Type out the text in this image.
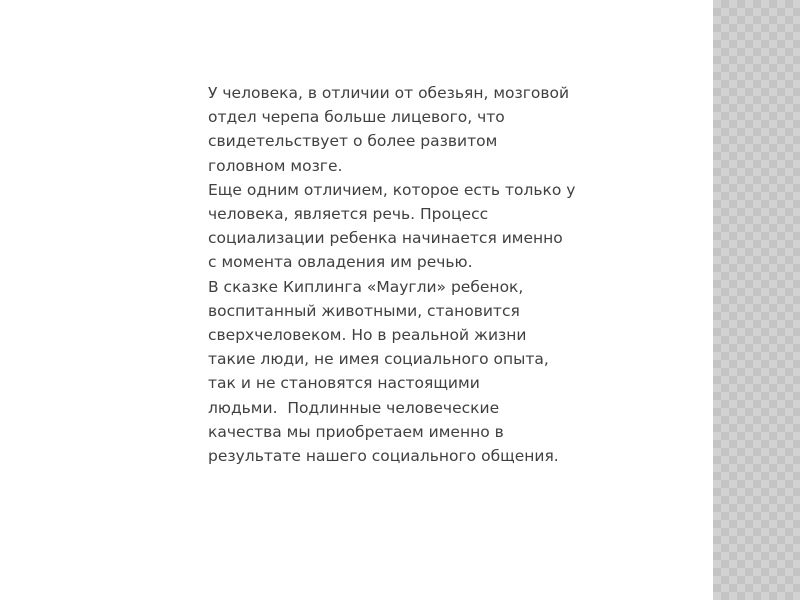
У человека, в отличии от обезьян, мозговой
отдел черепа больше лицевого, что
свидетельствует о более развитом
головном мозге.
Еще одним отличием, которое есть только у
человека, является речь. Процесс
социализации ребенка начинается именно
с момента овладения им речью.
В сказке Киплинга «Маугли» ребенок,
воспитанный животными, становится
сверхчеловеком. Но в реальной жизни
такие люди, не имея социального опыта,
так и не становятся настоящими
людьми.  Подлинные человеческие
качества мы приобретаем именно в
результате нашего социального общения.
